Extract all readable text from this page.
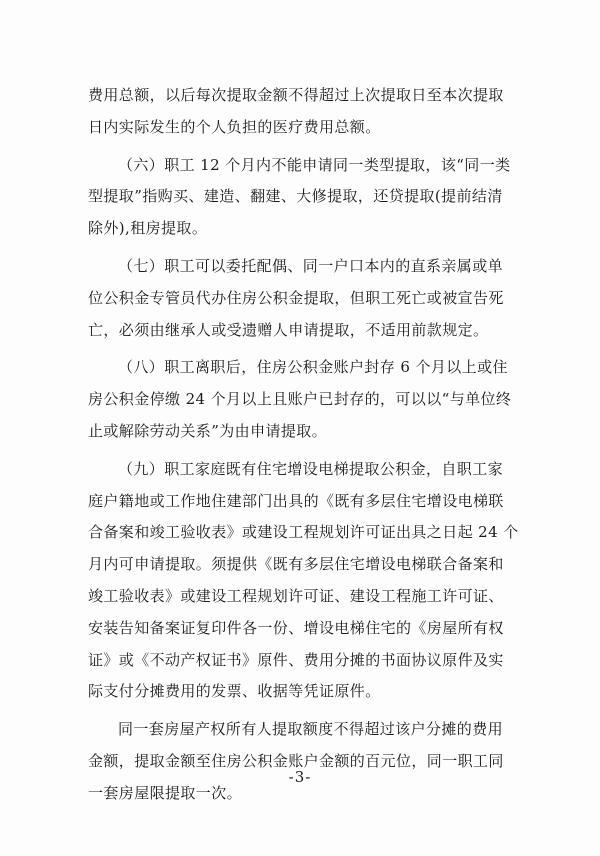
费用总额，以后每次提取金额不得超过上次提取日至本次提取
日内实际发生的个人负担的医疗费用总额。
（六）职工 12 个月内不能申请同一类型提取，该“同一类
型提取”指购买、建造、翻建、大修提取，还贷提取(提前结清
除外),租房提取。
（七）职工可以委托配偶、同一户口本内的直系亲属或单
位公积金专管员代办住房公积金提取，但职工死亡或被宣告死
亡，必须由继承人或受遗赠人申请提取，不适用前款规定。
（八）职工离职后，住房公积金账户封存 6 个月以上或住
房公积金停缴 24 个月以上且账户已封存的，可以以“与单位终
止或解除劳动关系”为由申请提取。
（九）职工家庭既有住宅增设电梯提取公积金，自职工家
庭户籍地或工作地住建部门出具的《既有多层住宅增设电梯联
合备案和竣工验收表》或建设工程规划许可证出具之日起 24 个
月内可申请提取。须提供《既有多层住宅增设电梯联合备案和
竣工验收表》或建设工程规划许可证、建设工程施工许可证、
安装告知备案证复印件各一份、增设电梯住宅的《房屋所有权
证》或《不动产权证书》原件、费用分摊的书面协议原件及实
际支付分摊费用的发票、收据等凭证原件。
同一套房屋产权所有人提取额度不得超过该户分摊的费用
金额，提取金额至住房公积金账户金额的百元位，同一职工同
一套房屋限提取一次。
-3-
